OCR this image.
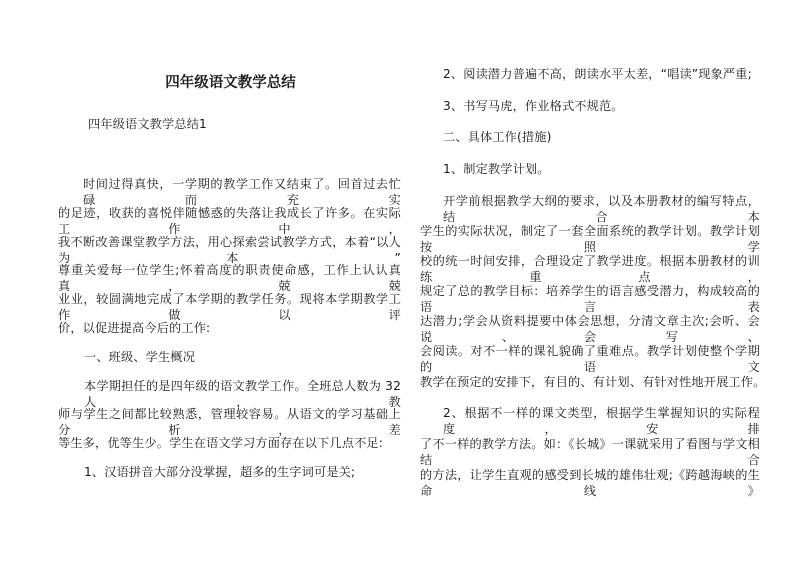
四年级语文教学总结
四年级语文教学总结1
时间过得真快，一学期的教学工作又结束了。回首过去忙碌而充实
的足迹，收获的喜悦伴随憾惑的失落让我成长了许多。在实际工作中，
我不断改善课堂教学方法，用心探索尝试教学方式，本着“以人为本”
尊重关爱每一位学生;怀着高度的职责使命感，工作上认认真真，兢兢
业业，较圆满地完成了本学期的教学任务。现将本学期教学工作做以评
价，以促进提高今后的工作:
一、班级、学生概况
本学期担任的是四年级的语文教学工作。全班总人数为 32 人，教
师与学生之间都比较熟悉，管理较容易。从语文的学习基础上分析，差
等生多，优等生少。学生在语文学习方面存在以下几点不足:
1、汉语拼音大部分没掌握，超多的生字词可是关;
2、阅读潜力普遍不高，朗读水平太差，“唱读”现象严重;
3、书写马虎，作业格式不规范。
二、具体工作(措施)
1、制定教学计划。
开学前根据教学大纲的要求，以及本册教材的编写特点，结合本
学生的实际状况，制定了一套全面系统的教学计划。教学计划按照学
校的统一时间安排，合理设定了教学进度。根据本册教材的训练重点，
规定了总的教学目标：培养学生的语言感受潜力，构成较高的语言表
达潜力;学会从资料提要中体会思想，分清文章主次;会听、会说、会写、
会阅读。对不一样的课礼貌确了重难点。教学计划使整个学期的语文
教学在预定的安排下，有目的、有计划、有针对性地开展工作。
2、根据不一样的课文类型，根据学生掌握知识的实际程度，安排
了不一样的教学方法。如：《长城》一课就采用了看图与学文相结合
的方法，让学生直观的感受到长城的雄伟壮观;《跨越海峡的生命线》
